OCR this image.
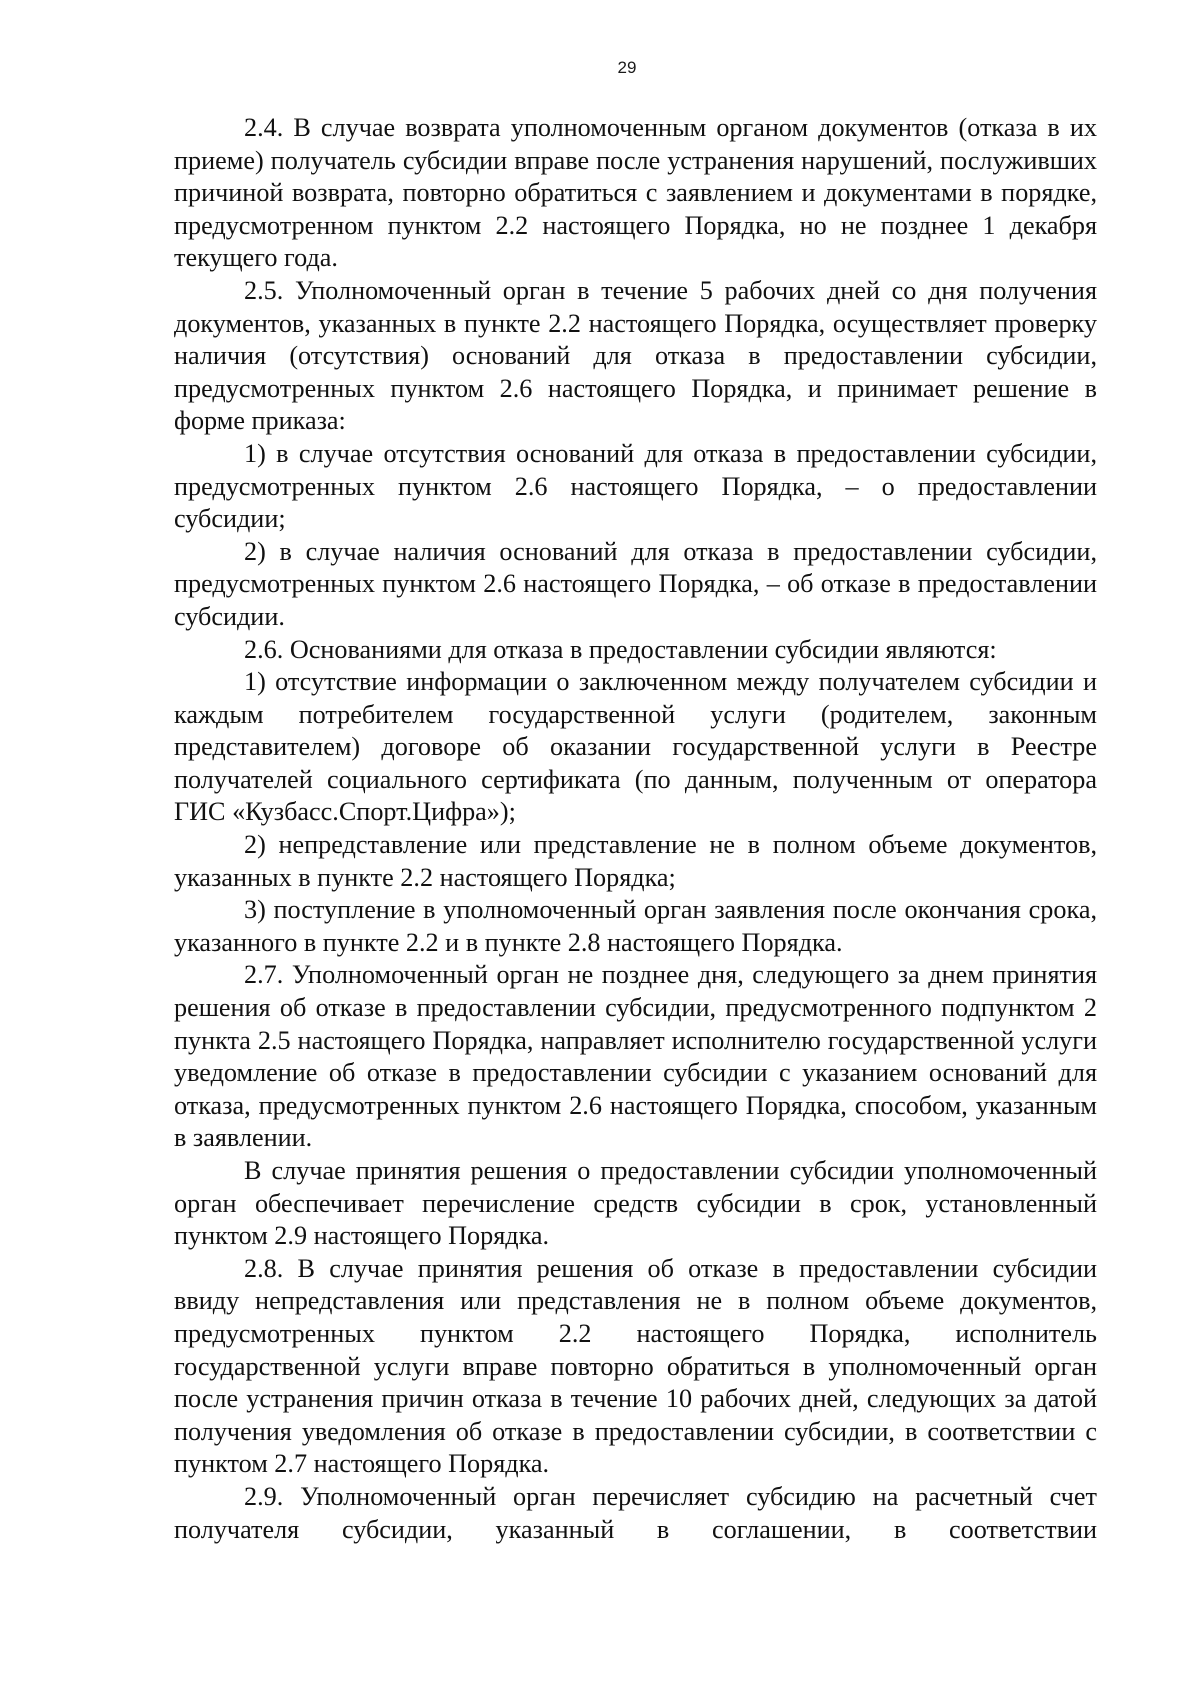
29

2.4. В случае возврата уполномоченным органом документов (отказа в их приеме) получатель субсидии вправе после устранения нарушений, послуживших причиной возврата, повторно обратиться с заявлением и документами в порядке, предусмотренном пунктом 2.2 настоящего Порядка, но не позднее 1 декабря текущего года.

2.5. Уполномоченный орган в течение 5 рабочих дней со дня получения документов, указанных в пункте 2.2 настоящего Порядка, осуществляет проверку наличия (отсутствия) оснований для отказа в предоставлении субсидии, предусмотренных пунктом 2.6 настоящего Порядка, и принимает решение в форме приказа:

1) в случае отсутствия оснований для отказа в предоставлении субсидии, предусмотренных пунктом 2.6 настоящего Порядка, – о предоставлении субсидии;

2) в случае наличия оснований для отказа в предоставлении субсидии, предусмотренных пунктом 2.6 настоящего Порядка, – об отказе в предоставлении субсидии.

2.6. Основаниями для отказа в предоставлении субсидии являются:

1) отсутствие информации о заключенном между получателем субсидии и каждым потребителем государственной услуги (родителем, законным представителем) договоре об оказании государственной услуги в Реестре получателей социального сертификата (по данным, полученным от оператора ГИС «Кузбасс.Спорт.Цифра»);

2) непредставление или представление не в полном объеме документов, указанных в пункте 2.2 настоящего Порядка;

3) поступление в уполномоченный орган заявления после окончания срока, указанного в пункте 2.2 и в пункте 2.8 настоящего Порядка.

2.7. Уполномоченный орган не позднее дня, следующего за днем принятия решения об отказе в предоставлении субсидии, предусмотренного подпунктом 2 пункта 2.5 настоящего Порядка, направляет исполнителю государственной услуги уведомление об отказе в предоставлении субсидии с указанием оснований для отказа, предусмотренных пунктом 2.6 настоящего Порядка, способом, указанным в заявлении.

В случае принятия решения о предоставлении субсидии уполномоченный орган обеспечивает перечисление средств субсидии в срок, установленный пунктом 2.9 настоящего Порядка.

2.8. В случае принятия решения об отказе в предоставлении субсидии ввиду непредставления или представления не в полном объеме документов, предусмотренных пунктом 2.2 настоящего Порядка, исполнитель государственной услуги вправе повторно обратиться в уполномоченный орган после устранения причин отказа в течение 10 рабочих дней, следующих за датой получения уведомления об отказе в предоставлении субсидии, в соответствии с пунктом 2.7 настоящего Порядка.

2.9. Уполномоченный орган перечисляет субсидию на расчетный счет получателя субсидии, указанный в соглашении, в соответствии
